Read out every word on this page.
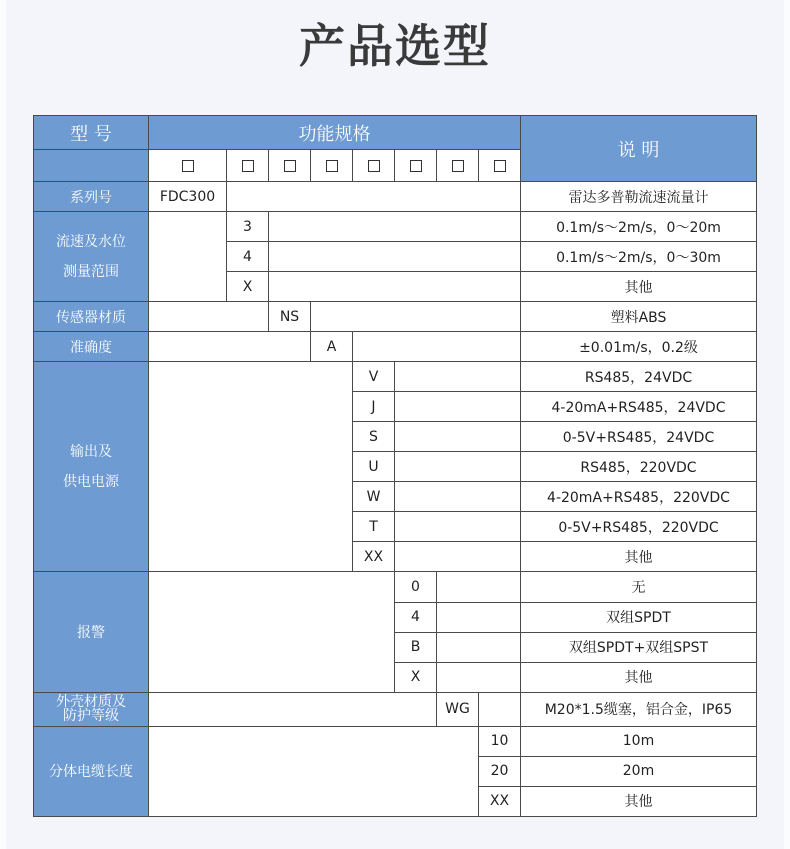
产品选型
型 号	功能规格								说 明

系列号	FDC300								雷达多普勒流速流量计
流速及水位
测量范围		3							0.1m/s～2m/s，0～20m
		4							0.1m/s～2m/s，0～30m
		X							其他
传感器材质			NS						塑料ABS
准确度				A					±0.01m/s，0.2级
输出及
供电电源					V				RS485，24VDC
					J				4-20mA+RS485，24VDC
					S				0-5V+RS485，24VDC
					U				RS485，220VDC
					W				4-20mA+RS485，220VDC
					T				0-5V+RS485，220VDC
					XX				其他
报警						0			无
						4			双组SPDT
						B			双组SPDT+双组SPST
						X			其他
外壳材质及
防护等级							WG		M20*1.5缆塞，铝合金，IP65
分体电缆长度								10	10m
								20	20m
								XX	其他
